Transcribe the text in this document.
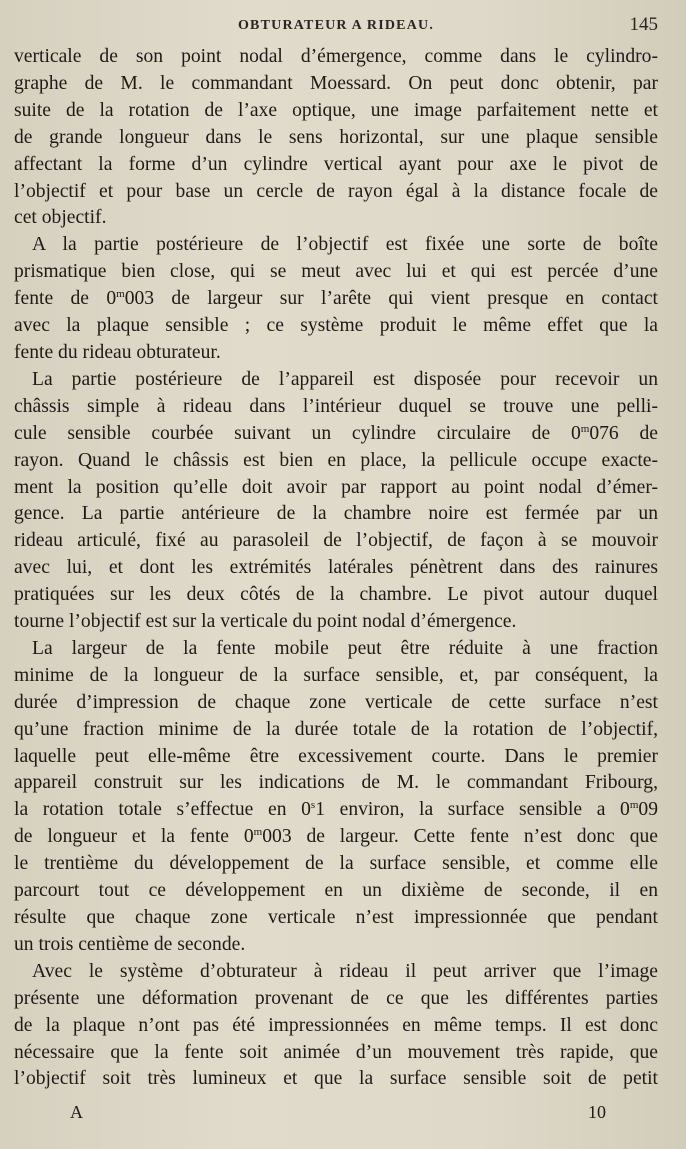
OBTURATEUR A RIDEAU.	145

verticale de son point nodal d’émergence, comme dans le cylindro-
graphe de M. le commandant Moessard. On peut donc obtenir, par
suite de la rotation de l’axe optique, une image parfaitement nette et
de grande longueur dans le sens horizontal, sur une plaque sensible
affectant la forme d’un cylindre vertical ayant pour axe le pivot de
l’objectif et pour base un cercle de rayon égal à la distance focale de
cet objectif.

A la partie postérieure de l’objectif est fixée une sorte de boîte
prismatique bien close, qui se meut avec lui et qui est percée d’une
fente de 0$^m$003 de largeur sur l’arête qui vient presque en contact
avec la plaque sensible ; ce système produit le même effet que la
fente du rideau obturateur.

La partie postérieure de l’appareil est disposée pour recevoir un
châssis simple à rideau dans l’intérieur duquel se trouve une pelli-
cule sensible courbée suivant un cylindre circulaire de 0$^m$076 de
rayon. Quand le châssis est bien en place, la pellicule occupe exacte-
ment la position qu’elle doit avoir par rapport au point nodal d’émer-
gence. La partie antérieure de la chambre noire est fermée par un
rideau articulé, fixé au parasoleil de l’objectif, de façon à se mouvoir
avec lui, et dont les extrémités latérales pénètrent dans des rainures
pratiquées sur les deux côtés de la chambre. Le pivot autour duquel
tourne l’objectif est sur la verticale du point nodal d’émergence.

La largeur de la fente mobile peut être réduite à une fraction
minime de la longueur de la surface sensible, et, par conséquent, la
durée d’impression de chaque zone verticale de cette surface n’est
qu’une fraction minime de la durée totale de la rotation de l’objectif,
laquelle peut elle-même être excessivement courte. Dans le premier
appareil construit sur les indications de M. le commandant Fribourg,
la rotation totale s’effectue en 0$^s$1 environ, la surface sensible a 0$^m$09
de longueur et la fente 0$^m$003 de largeur. Cette fente n’est donc que
le trentième du développement de la surface sensible, et comme elle
parcourt tout ce développement en un dixième de seconde, il en
résulte que chaque zone verticale n’est impressionnée que pendant
un trois centième de seconde.

Avec le système d’obturateur à rideau il peut arriver que l’image
présente une déformation provenant de ce que les différentes parties
de la plaque n’ont pas été impressionnées en même temps. Il est donc
nécessaire que la fente soit animée d’un mouvement très rapide, que
l’objectif soit très lumineux et que la surface sensible soit de petit

A	10
